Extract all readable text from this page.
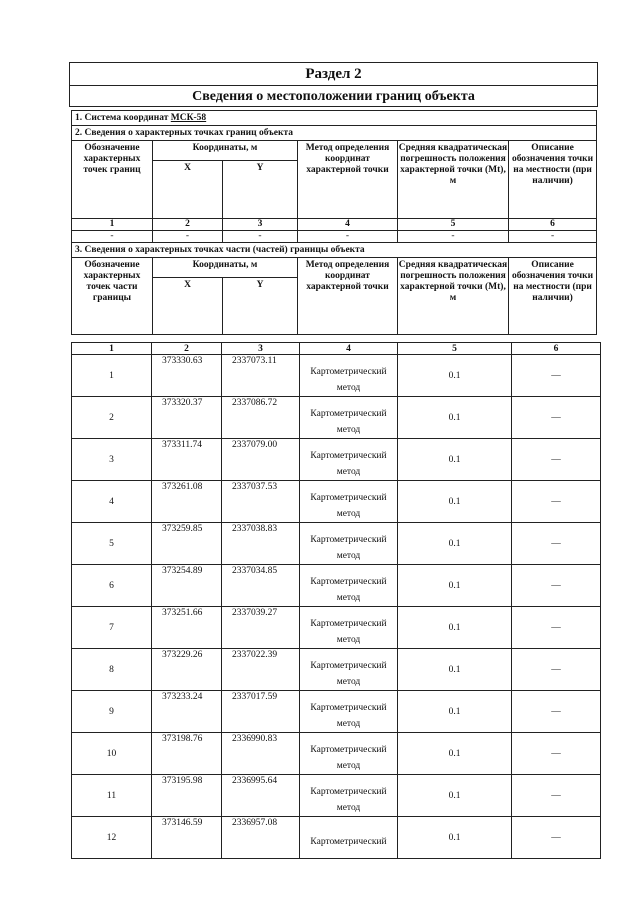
Раздел 2
Сведения о местоположении границ объекта
1. Система координат МСК-58					
2. Сведения о характерных точках границ объекта					
Обозначение характерных точек границ	Координаты, м		Метод определения координат характерной точки	Средняя квадратическая погрешность положения характерной точки (Mt), м	Описание обозначения точки на местности (при наличии)
	X	Y			
1	2	3	4	5	6
-	-	-	-	-	-
3. Сведения о характерных точках части (частей) границы объекта					
Обозначение характерных точек части границы	Координаты, м		Метод определения координат характерной точки	Средняя квадратическая погрешность положения характерной точки (Mt), м	Описание обозначения точки на местности (при наличии)
	X	Y			
1	2	3	4	5	6
1	373330.63	2337073.11	Картометрический метод	0.1	—
2	373320.37	2337086.72	Картометрический метод	0.1	—
3	373311.74	2337079.00	Картометрический метод	0.1	—
4	373261.08	2337037.53	Картометрический метод	0.1	—
5	373259.85	2337038.83	Картометрический метод	0.1	—
6	373254.89	2337034.85	Картометрический метод	0.1	—
7	373251.66	2337039.27	Картометрический метод	0.1	—
8	373229.26	2337022.39	Картометрический метод	0.1	—
9	373233.24	2337017.59	Картометрический метод	0.1	—
10	373198.76	2336990.83	Картометрический метод	0.1	—
11	373195.98	2336995.64	Картометрический метод	0.1	—
12	373146.59	2336957.08	Картометрический	0.1	—
